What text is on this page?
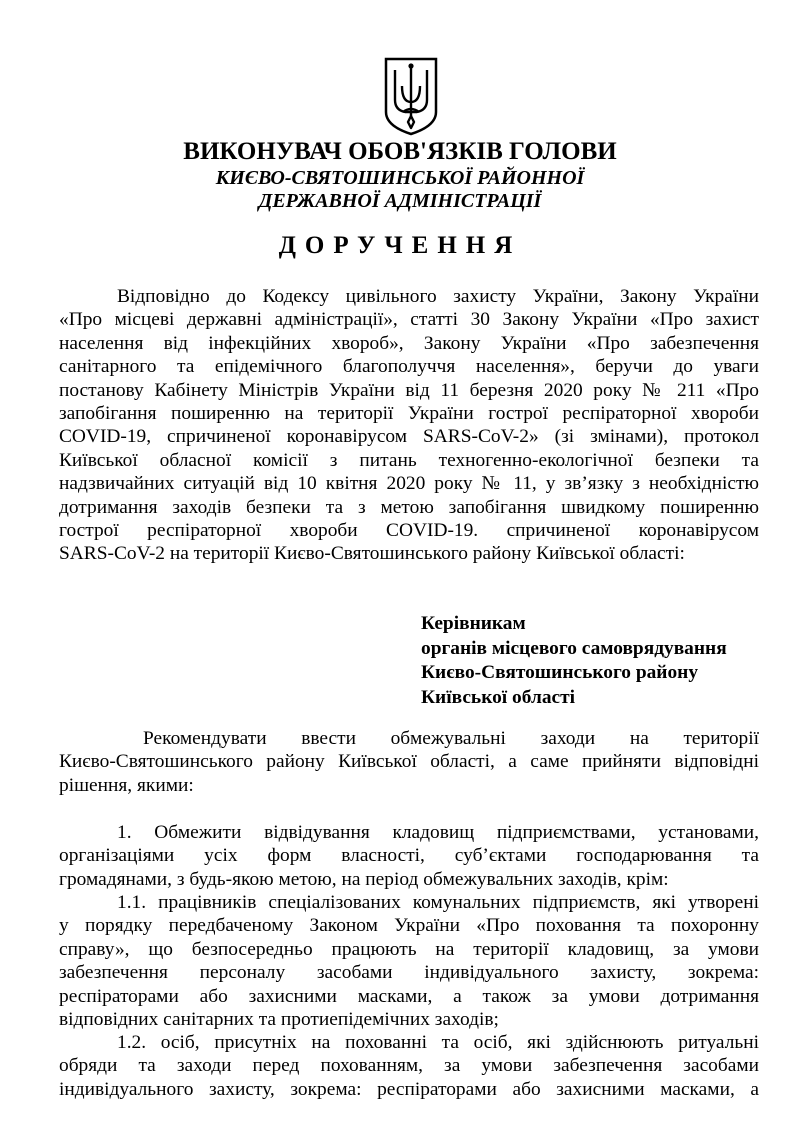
ВИКОНУВАЧ ОБОВ'ЯЗКІВ ГОЛОВИ
КИЄВО-СВЯТОШИНСЬКОЇ РАЙОННОЇ
ДЕРЖАВНОЇ АДМІНІСТРАЦІЇ
ДОРУЧЕННЯ
Відповідно до Кодексу цивільного захисту України, Закону України
«Про місцеві державні адміністрації», статті 30 Закону України «Про захист
населення від інфекційних хвороб», Закону України «Про забезпечення
санітарного та епідемічного благополуччя населення», беручи до уваги
постанову Кабінету Міністрів України від 11 березня 2020 року № 211 «Про
запобігання поширенню на території України гострої респіраторної хвороби
COVID-19, спричиненої коронавірусом SARS-CoV-2» (зі змінами), протокол
Київської обласної комісії з питань техногенно-екологічної безпеки та
надзвичайних ситуацій від 10 квітня 2020 року № 11, у зв’язку з необхідністю
дотримання заходів безпеки та з метою запобігання швидкому поширенню
гострої респіраторної хвороби COVID-19. спричиненої коронавірусом
SARS-CoV-2 на території Києво-Святошинського району Київської області:
Керівникам
органів місцевого самоврядування
Києво-Святошинського району
Київської області
Рекомендувати ввести обмежувальні заходи на території
Києво-Святошинського району Київської області, а саме прийняти відповідні
рішення, якими:
1. Обмежити відвідування кладовищ підприємствами, установами,
організаціями усіх форм власності, суб’єктами господарювання та
громадянами, з будь-якою метою, на період обмежувальних заходів, крім:
1.1. працівників спеціалізованих комунальних підприємств, які утворені
у порядку передбаченому Законом України «Про поховання та похоронну
справу», що безпосередньо працюють на території кладовищ, за умови
забезпечення персоналу засобами індивідуального захисту, зокрема:
респіраторами або захисними масками, а також за умови дотримання
відповідних санітарних та протиепідемічних заходів;
1.2. осіб, присутніх на похованні та осіб, які здійснюють ритуальні
обряди та заходи перед похованням, за умови забезпечення засобами
індивідуального захисту, зокрема: респіраторами або захисними масками, а
